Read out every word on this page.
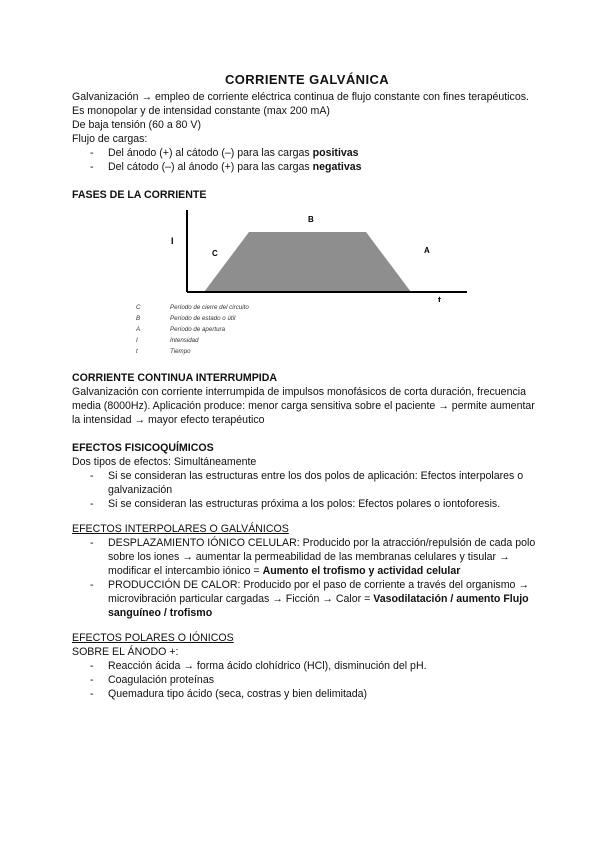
CORRIENTE GALVÁNICA

Galvanización → empleo de corriente eléctrica continua de flujo constante con fines terapéuticos.

Es monopolar y de intensidad constante (max 200 mA)

De baja tensión (60 a 80 V)

Flujo de cargas:

- Del ánodo (+) al cátodo (–) para las cargas positivas
- Del cátodo (–) al ánodo (+) para las cargas negativas

FASES DE LA CORRIENTE

I
t
C
B
A
C	Período de cierre del circuito
B	Período de estado o útil
A	Período de apertura
I	Intensidad
t	Tiempo

CORRIENTE CONTINUA INTERRUMPIDA

Galvanización con corriente interrumpida de impulsos monofásicos de corta duración, frecuencia media (8000Hz). Aplicación produce: menor carga sensitiva sobre el paciente → permite aumentar la intensidad → mayor efecto terapéutico

EFECTOS FISICOQUÍMICOS

Dos tipos de efectos: Simultáneamente

- Si se consideran las estructuras entre los dos polos de aplicación: Efectos interpolares o galvanización
- Si se consideran las estructuras próxima a los polos: Efectos polares o iontoforesis.

EFECTOS INTERPOLARES O GALVÁNICOS

- DESPLAZAMIENTO IÓNICO CELULAR: Producido por la atracción/repulsión de cada polo sobre los iones → aumentar la permeabilidad de las membranas celulares y tisular → modificar el intercambio iónico = Aumento el trofismo y actividad celular
- PRODUCCIÓN DE CALOR: Producido por el paso de corriente a través del organismo → microvibración particular cargadas → Ficción → Calor = Vasodilatación / aumento Flujo sanguíneo / trofismo

EFECTOS POLARES O IÓNICOS

SOBRE EL ÁNODO +:

- Reacción ácida → forma ácido clohídrico (HCl), disminución del pH.
- Coagulación proteínas
- Quemadura tipo ácido (seca, costras y bien delimitada)
